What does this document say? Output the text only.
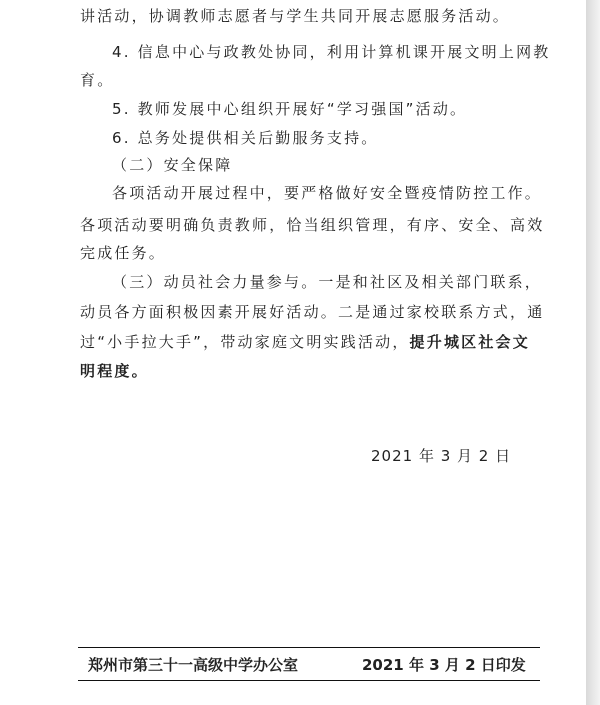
讲活动，协调教师志愿者与学生共同开展志愿服务活动。
4. 信息中心与政教处协同，利用计算机课开展文明上网教
育。
5. 教师发展中心组织开展好“学习强国”活动。
6. 总务处提供相关后勤服务支持。
（二）安全保障
各项活动开展过程中，要严格做好安全暨疫情防控工作。
各项活动要明确负责教师，恰当组织管理，有序、安全、高效
完成任务。
（三）动员社会力量参与。一是和社区及相关部门联系，
动员各方面积极因素开展好活动。二是通过家校联系方式，通
过“小手拉大手”，带动家庭文明实践活动，提升城区社会文
明程度。
2021 年 3 月 2 日
郑州市第三十一高级中学办公室	2021 年 3 月 2 日印发
